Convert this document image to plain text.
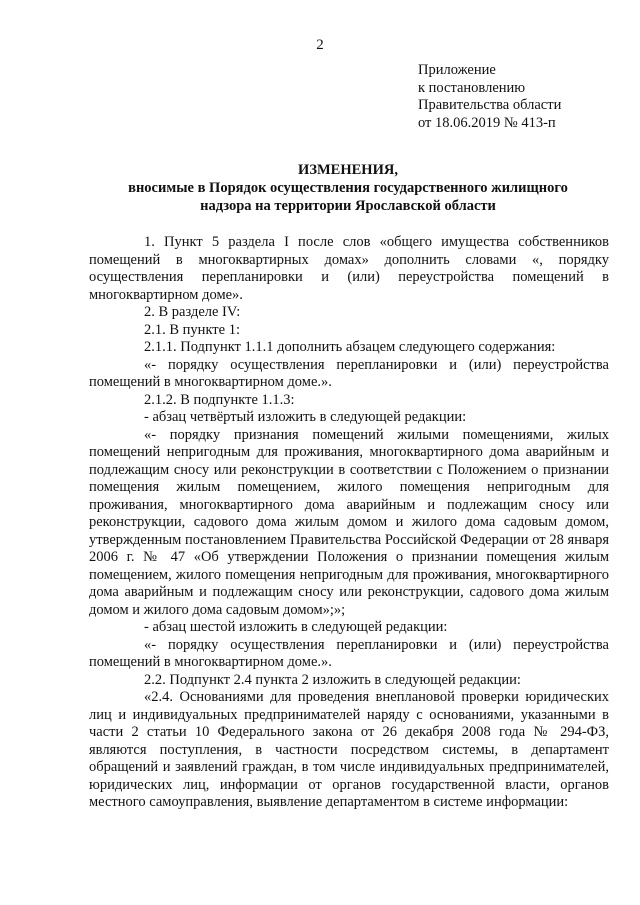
2
Приложение
к постановлению
Правительства области
от 18.06.2019 № 413-п
ИЗМЕНЕНИЯ,
вносимые в Порядок осуществления государственного жилищного
надзора на территории Ярославской области

1. Пункт 5 раздела I после слов «общего имущества собственников помещений в многоквартирных домах» дополнить словами «, порядку осуществления перепланировки и (или) переустройства помещений в многоквартирном доме».

2. В разделе IV:

2.1. В пункте 1:

2.1.1. Подпункт 1.1.1 дополнить абзацем следующего содержания:

«- порядку осуществления перепланировки и (или) переустройства помещений в многоквартирном доме.».

2.1.2. В подпункте 1.1.3:

- абзац четвёртый изложить в следующей редакции:

«- порядку признания помещений жилыми помещениями, жилых помещений непригодным для проживания, многоквартирного дома аварийным и подлежащим сносу или реконструкции в соответствии с Положением о признании помещения жилым помещением, жилого помещения непригодным для проживания, многоквартирного дома аварийным и подлежащим сносу или реконструкции, садового дома жилым домом и жилого дома садовым домом, утвержденным постановлением Правительства Российской Федерации от 28 января 2006 г. № 47 «Об утверждении Положения о признании помещения жилым помещением, жилого помещения непригодным для проживания, многоквартирного дома аварийным и подлежащим сносу или реконструкции, садового дома жилым домом и жилого дома садовым домом»;»;

- абзац шестой изложить в следующей редакции:

«- порядку осуществления перепланировки и (или) переустройства помещений в многоквартирном доме.».

2.2. Подпункт 2.4 пункта 2 изложить в следующей редакции:

«2.4. Основаниями для проведения внеплановой проверки юридических лиц и индивидуальных предпринимателей наряду с основаниями, указанными в части 2 статьи 10 Федерального закона от 26 декабря 2008 года № 294-ФЗ, являются поступления, в частности посредством системы, в департамент обращений и заявлений граждан, в том числе индивидуальных предпринимателей, юридических лиц, информации от органов государственной власти, органов местного самоуправления, выявление департаментом в системе информации:
